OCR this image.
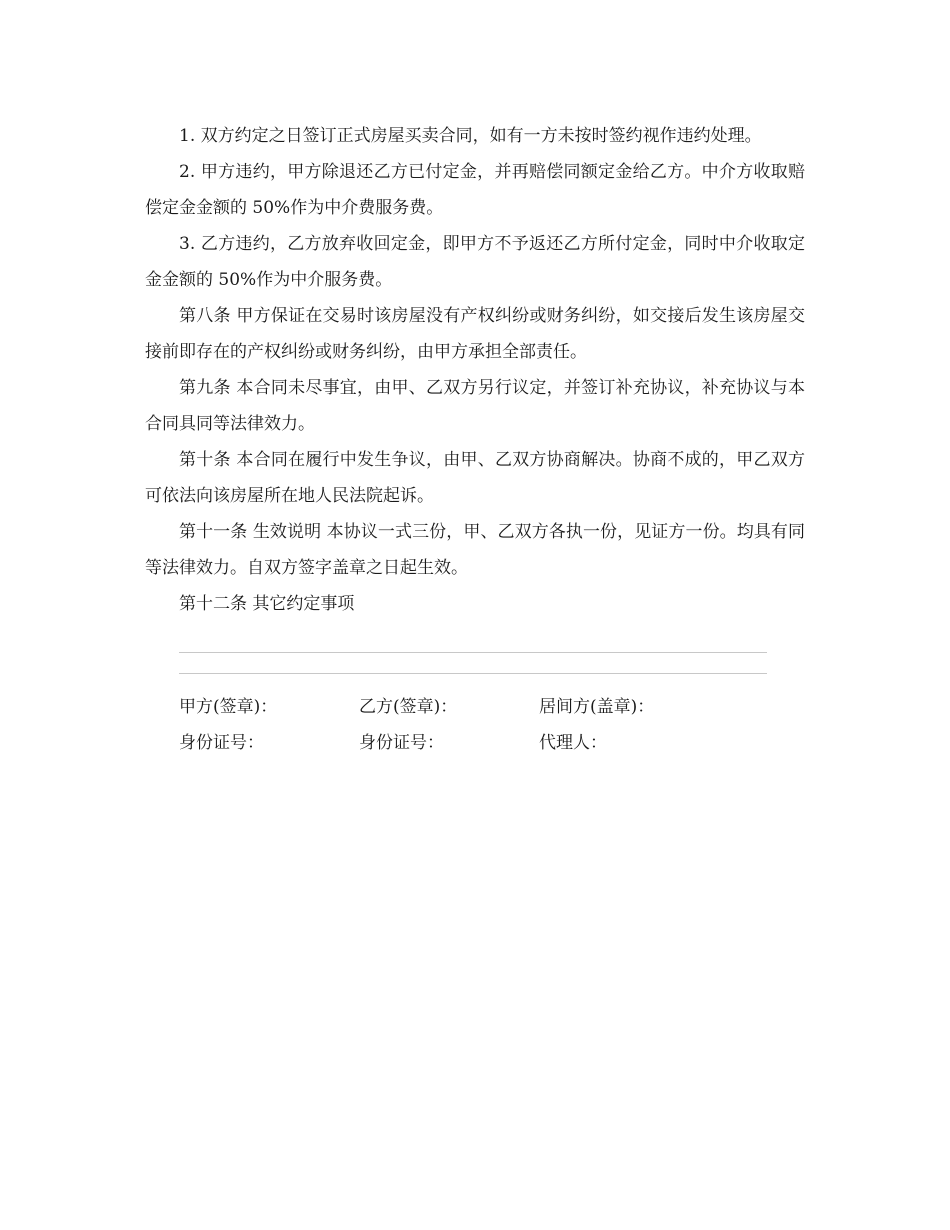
1. 双方约定之日签订正式房屋买卖合同，如有一方未按时签约视作违约处理。

2. 甲方违约，甲方除退还乙方已付定金，并再赔偿同额定金给乙方。中介方收取赔偿定金金额的 50%作为中介费服务费。

3. 乙方违约，乙方放弃收回定金，即甲方不予返还乙方所付定金，同时中介收取定金金额的 50%作为中介服务费。

第八条 甲方保证在交易时该房屋没有产权纠纷或财务纠纷，如交接后发生该房屋交接前即存在的产权纠纷或财务纠纷，由甲方承担全部责任。

第九条 本合同未尽事宜，由甲、乙双方另行议定，并签订补充协议，补充协议与本合同具同等法律效力。

第十条 本合同在履行中发生争议，由甲、乙双方协商解决。协商不成的，甲乙双方可依法向该房屋所在地人民法院起诉。

第十一条 生效说明 本协议一式三份，甲、乙双方各执一份，见证方一份。均具有同等法律效力。自双方签字盖章之日起生效。

第十二条 其它约定事项

甲方(签章)：	乙方(签章)：	居间方(盖章)：
身份证号：	身份证号：	代理人：
